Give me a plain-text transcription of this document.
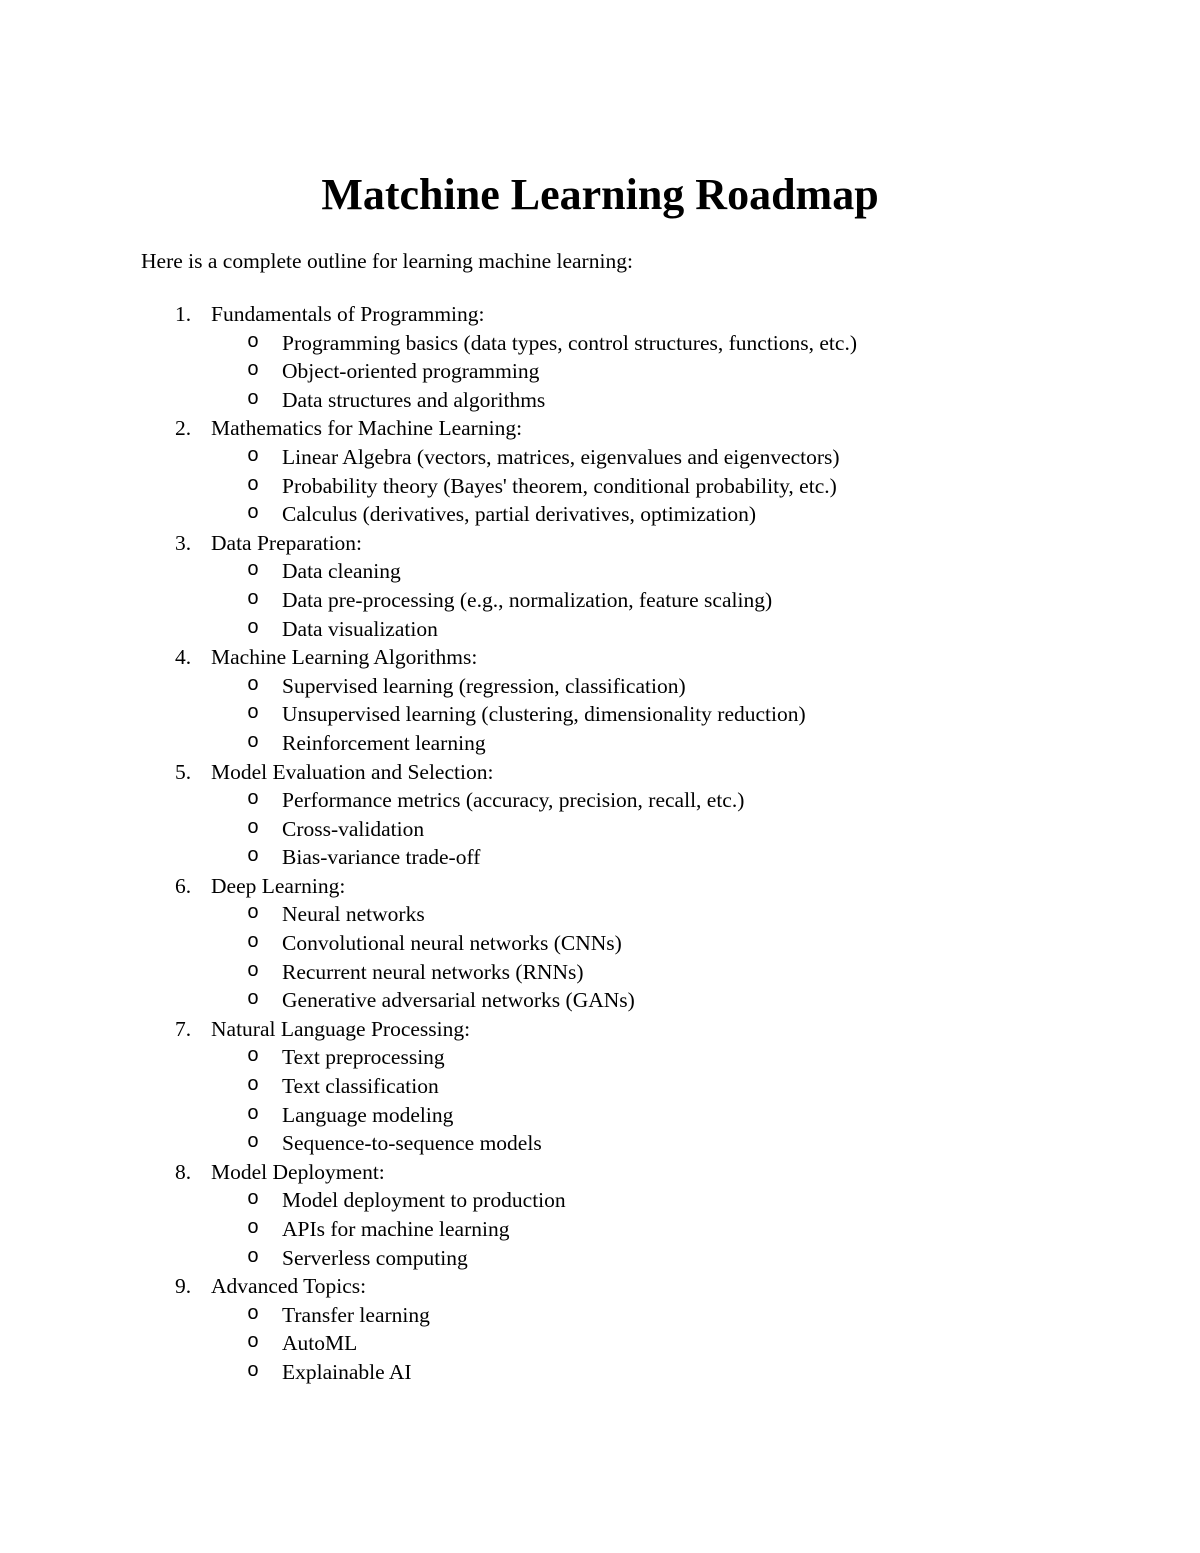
Matchine Learning Roadmap

Here is a complete outline for learning machine learning:

1. Fundamentals of Programming:
o Programming basics (data types, control structures, functions, etc.)
o Object-oriented programming
o Data structures and algorithms
2. Mathematics for Machine Learning:
o Linear Algebra (vectors, matrices, eigenvalues and eigenvectors)
o Probability theory (Bayes' theorem, conditional probability, etc.)
o Calculus (derivatives, partial derivatives, optimization)
3. Data Preparation:
o Data cleaning
o Data pre-processing (e.g., normalization, feature scaling)
o Data visualization
4. Machine Learning Algorithms:
o Supervised learning (regression, classification)
o Unsupervised learning (clustering, dimensionality reduction)
o Reinforcement learning
5. Model Evaluation and Selection:
o Performance metrics (accuracy, precision, recall, etc.)
o Cross-validation
o Bias-variance trade-off
6. Deep Learning:
o Neural networks
o Convolutional neural networks (CNNs)
o Recurrent neural networks (RNNs)
o Generative adversarial networks (GANs)
7. Natural Language Processing:
o Text preprocessing
o Text classification
o Language modeling
o Sequence-to-sequence models
8. Model Deployment:
o Model deployment to production
o APIs for machine learning
o Serverless computing
9. Advanced Topics:
o Transfer learning
o AutoML
o Explainable AI
